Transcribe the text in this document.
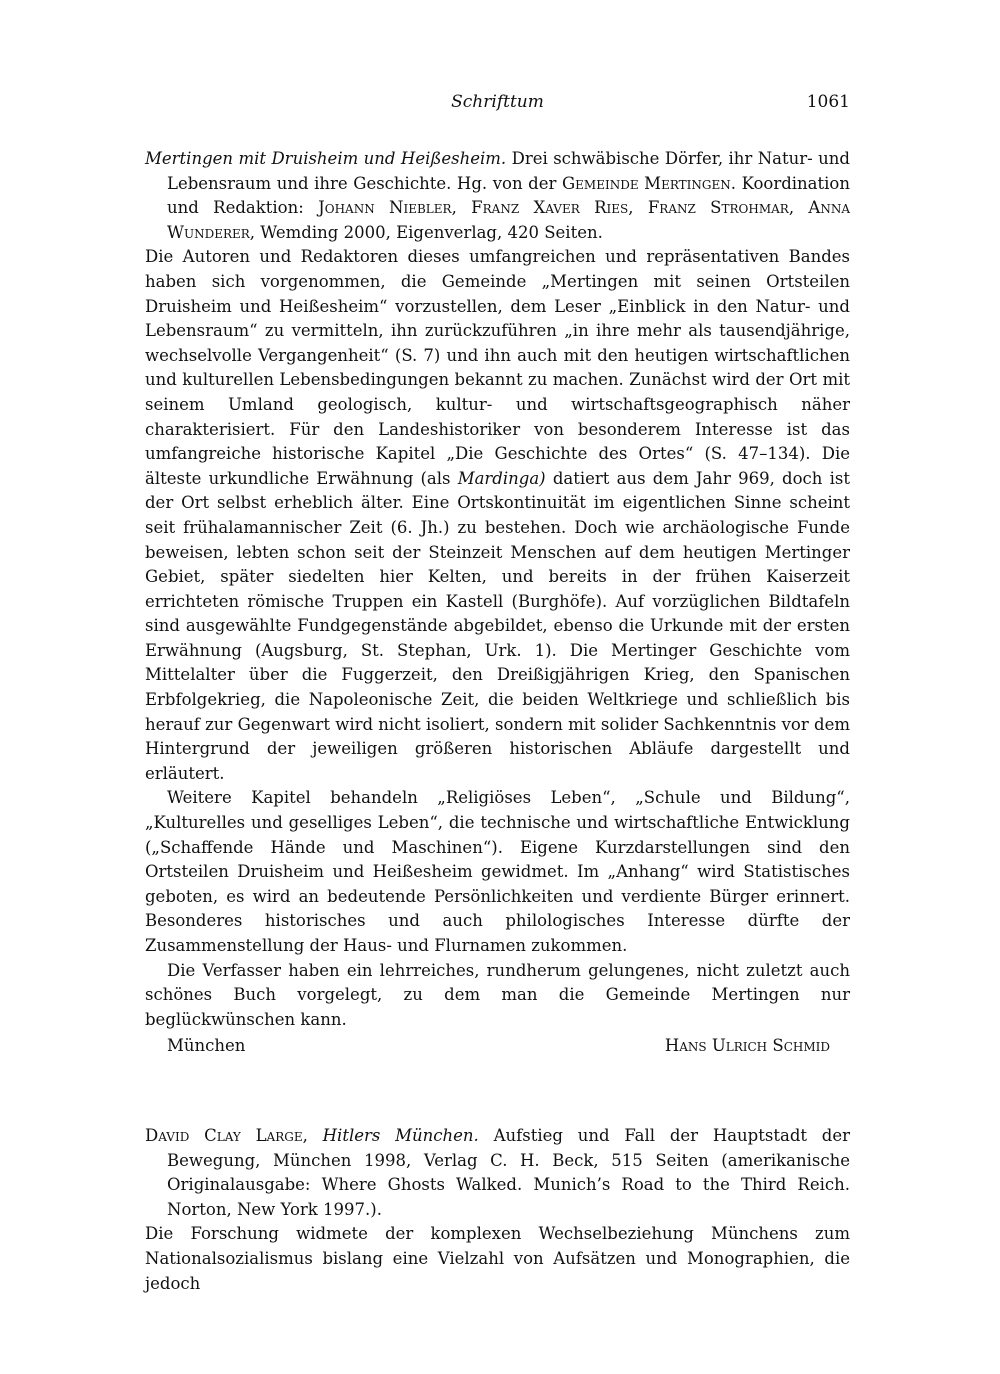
Schrifttum	1061

Mertingen mit Druisheim und Heißesheim. Drei schwäbische Dörfer, ihr Natur- und Lebensraum und ihre Geschichte. Hg. von der Gemeinde Mertingen. Koordination und Redaktion: Johann Niebler, Franz Xaver Ries, Franz Strohmar, Anna Wunderer, Wemding 2000, Eigenverlag, 420 Seiten.

Die Autoren und Redaktoren dieses umfangreichen und repräsentativen Bandes haben sich vorgenommen, die Gemeinde „Mertingen mit seinen Ortsteilen Druisheim und Heißesheim“ vorzustellen, dem Leser „Einblick in den Natur- und Lebensraum“ zu vermitteln, ihn zurückzuführen „in ihre mehr als tausendjährige, wechselvolle Vergangenheit“ (S. 7) und ihn auch mit den heutigen wirtschaftlichen und kulturellen Lebensbedingungen bekannt zu machen. Zunächst wird der Ort mit seinem Umland geologisch, kultur- und wirtschaftsgeographisch näher charakterisiert. Für den Landeshistoriker von besonderem Interesse ist das umfangreiche historische Kapitel „Die Geschichte des Ortes“ (S. 47–134). Die älteste urkundliche Erwähnung (als Mardinga) datiert aus dem Jahr 969, doch ist der Ort selbst erheblich älter. Eine Ortskontinuität im eigentlichen Sinne scheint seit frühalamannischer Zeit (6. Jh.) zu bestehen. Doch wie archäologische Funde beweisen, lebten schon seit der Steinzeit Menschen auf dem heutigen Mertinger Gebiet, später siedelten hier Kelten, und bereits in der frühen Kaiserzeit errichteten römische Truppen ein Kastell (Burghöfe). Auf vorzüglichen Bildtafeln sind ausgewählte Fundgegenstände abgebildet, ebenso die Urkunde mit der ersten Erwähnung (Augsburg, St. Stephan, Urk. 1). Die Mertinger Geschichte vom Mittelalter über die Fuggerzeit, den Dreißigjährigen Krieg, den Spanischen Erbfolgekrieg, die Napoleonische Zeit, die beiden Weltkriege und schließlich bis herauf zur Gegenwart wird nicht isoliert, sondern mit solider Sachkenntnis vor dem Hintergrund der jeweiligen größeren historischen Abläufe dargestellt und erläutert.

Weitere Kapitel behandeln „Religiöses Leben“, „Schule und Bildung“, „Kulturelles und geselliges Leben“, die technische und wirtschaftliche Entwicklung („Schaffende Hände und Maschinen“). Eigene Kurzdarstellungen sind den Ortsteilen Druisheim und Heißesheim gewidmet. Im „Anhang“ wird Statistisches geboten, es wird an bedeutende Persönlichkeiten und verdiente Bürger erinnert. Besonderes historisches und auch philologisches Interesse dürfte der Zusammenstellung der Haus- und Flurnamen zukommen.

Die Verfasser haben ein lehrreiches, rundherum gelungenes, nicht zuletzt auch schönes Buch vorgelegt, zu dem man die Gemeinde Mertingen nur beglückwünschen kann.

München	Hans Ulrich Schmid

David Clay Large, Hitlers München. Aufstieg und Fall der Hauptstadt der Bewegung, München 1998, Verlag C. H. Beck, 515 Seiten (amerikanische Originalausgabe: Where Ghosts Walked. Munich’s Road to the Third Reich. Norton, New York 1997.).

Die Forschung widmete der komplexen Wechselbeziehung Münchens zum Nationalsozialismus bislang eine Vielzahl von Aufsätzen und Monographien, die jedoch
